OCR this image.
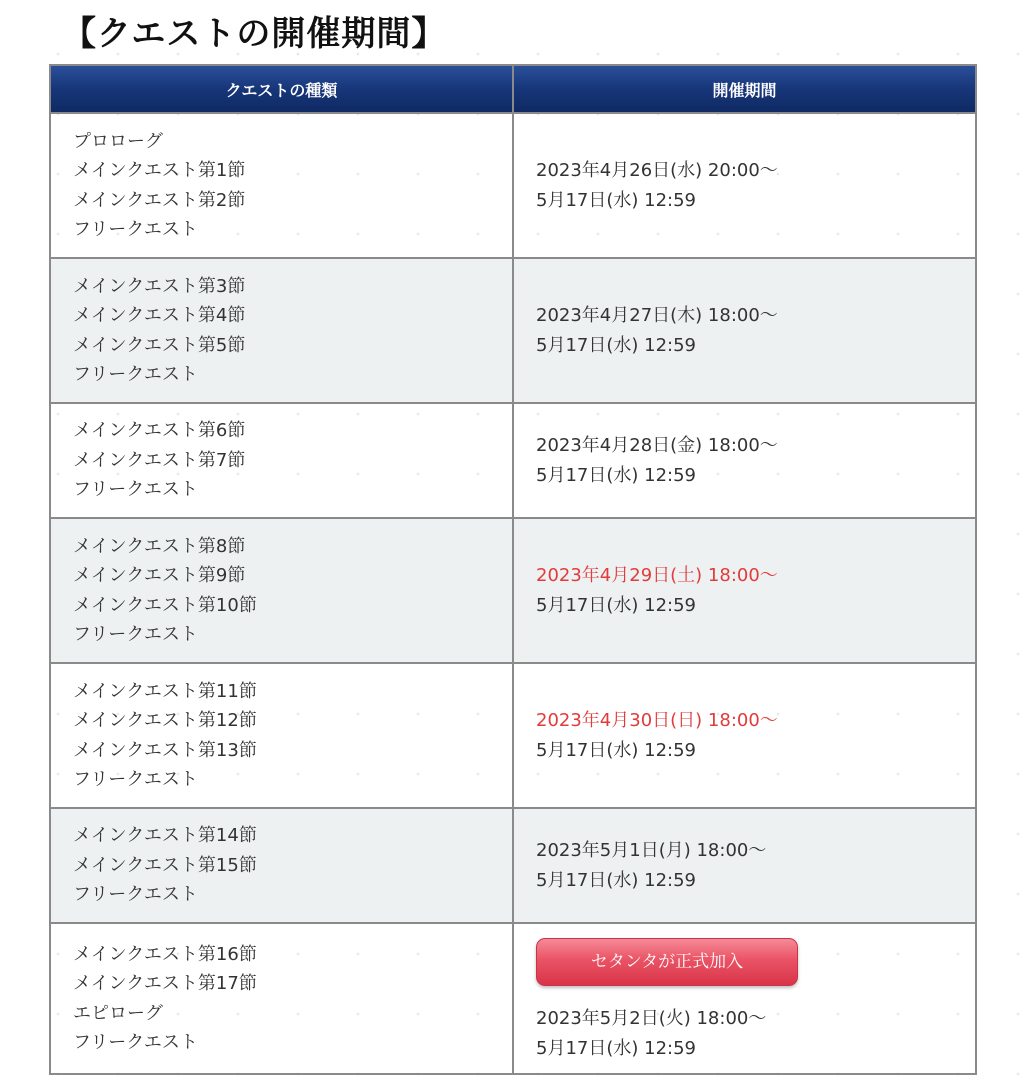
【クエストの開催期間】
クエストの種類	開催期間

プロローグ
メインクエスト第1節
メインクエスト第2節
フリークエスト	2023年4月26日(水) 20:00～
5月17日(水) 12:59

メインクエスト第3節
メインクエスト第4節
メインクエスト第5節
フリークエスト	2023年4月27日(木) 18:00～
5月17日(水) 12:59

メインクエスト第6節
メインクエスト第7節
フリークエスト	2023年4月28日(金) 18:00～
5月17日(水) 12:59

メインクエスト第8節
メインクエスト第9節
メインクエスト第10節
フリークエスト	2023年4月29日(土) 18:00～
5月17日(水) 12:59

メインクエスト第11節
メインクエスト第12節
メインクエスト第13節
フリークエスト	2023年4月30日(日) 18:00～
5月17日(水) 12:59

メインクエスト第14節
メインクエスト第15節
フリークエスト	2023年5月1日(月) 18:00～
5月17日(水) 12:59

メインクエスト第16節
メインクエスト第17節
エピローグ
フリークエスト	セタンタが正式加入
2023年5月2日(火) 18:00～
5月17日(水) 12:59
